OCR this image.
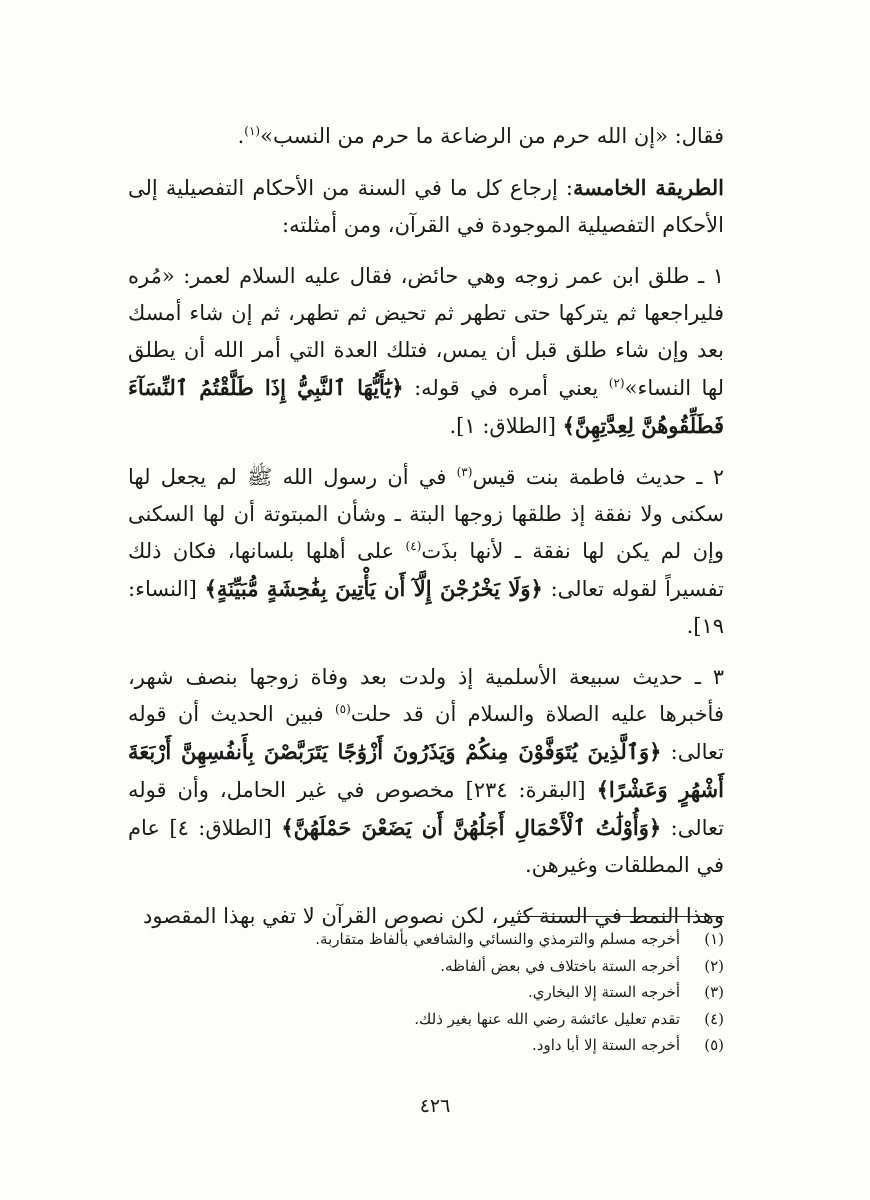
فقال: «إن الله حرم من الرضاعة ما حرم من النسب»$^{(١)}$.

الطريقة الخامسة: إرجاع كل ما في السنة من الأحكام التفصيلية إلى الأحكام التفصيلية الموجودة في القرآن، ومن أمثلته:

١ ـ طلق ابن عمر زوجه وهي حائض، فقال عليه السلام لعمر: «مُره فليراجعها ثم يتركها حتى تطهر ثم تحيض ثم تطهر، ثم إن شاء أمسك بعد وإن شاء طلق قبل أن يمس، فتلك العدة التي أمر الله أن يطلق لها النساء»$^{(٢)}$ يعني أمره في قوله: ﴿يَٰٓأَيُّهَا ٱلنَّبِيُّ إِذَا طَلَّقْتُمُ ٱلنِّسَآءَ فَطَلِّقُوهُنَّ لِعِدَّتِهِنَّ﴾ [الطلاق: ١].

٢ ـ حديث فاطمة بنت قيس$^{(٣)}$ في أن رسول الله ﷺ لم يجعل لها سكنى ولا نفقة إذ طلقها زوجها البتة ـ وشأن المبتوتة أن لها السكنى وإن لم يكن لها نفقة ـ لأنها بذَت$^{(٤)}$ على أهلها بلسانها، فكان ذلك تفسيراً لقوله تعالى: ﴿وَلَا يَخْرُجْنَ إِلَّآ أَن يَأْتِينَ بِفَٰحِشَةٍ مُّبَيِّنَةٍ﴾ [النساء: ١٩].

٣ ـ حديث سبيعة الأسلمية إذ ولدت بعد وفاة زوجها بنصف شهر، فأخبرها عليه الصلاة والسلام أن قد حلت$^{(٥)}$ فبين الحديث أن قوله تعالى: ﴿وَٱلَّذِينَ يُتَوَفَّوْنَ مِنكُمْ وَيَذَرُونَ أَزْوَٰجًا يَتَرَبَّصْنَ بِأَنفُسِهِنَّ أَرْبَعَةَ أَشْهُرٍ وَعَشْرًا﴾ [البقرة: ٢٣٤] مخصوص في غير الحامل، وأن قوله تعالى: ﴿وَأُوْلَٰتُ ٱلْأَحْمَالِ أَجَلُهُنَّ أَن يَضَعْنَ حَمْلَهُنَّ﴾ [الطلاق: ٤] عام في المطلقات وغيرهن.

وهذا النمط في السنة كثير، لكن نصوص القرآن لا تفي بهذا المقصود

(١)أخرجه مسلم والترمذي والنسائي والشافعي بألفاظ متقاربة.
(٢)أخرجه الستة باختلاف في بعض ألفاظه.
(٣)أخرجه الستة إلا البخاري.
(٤)تقدم تعليل عائشة رضي الله عنها بغير ذلك.
(٥)أخرجه الستة إلا أبا داود.
٤٢٦
